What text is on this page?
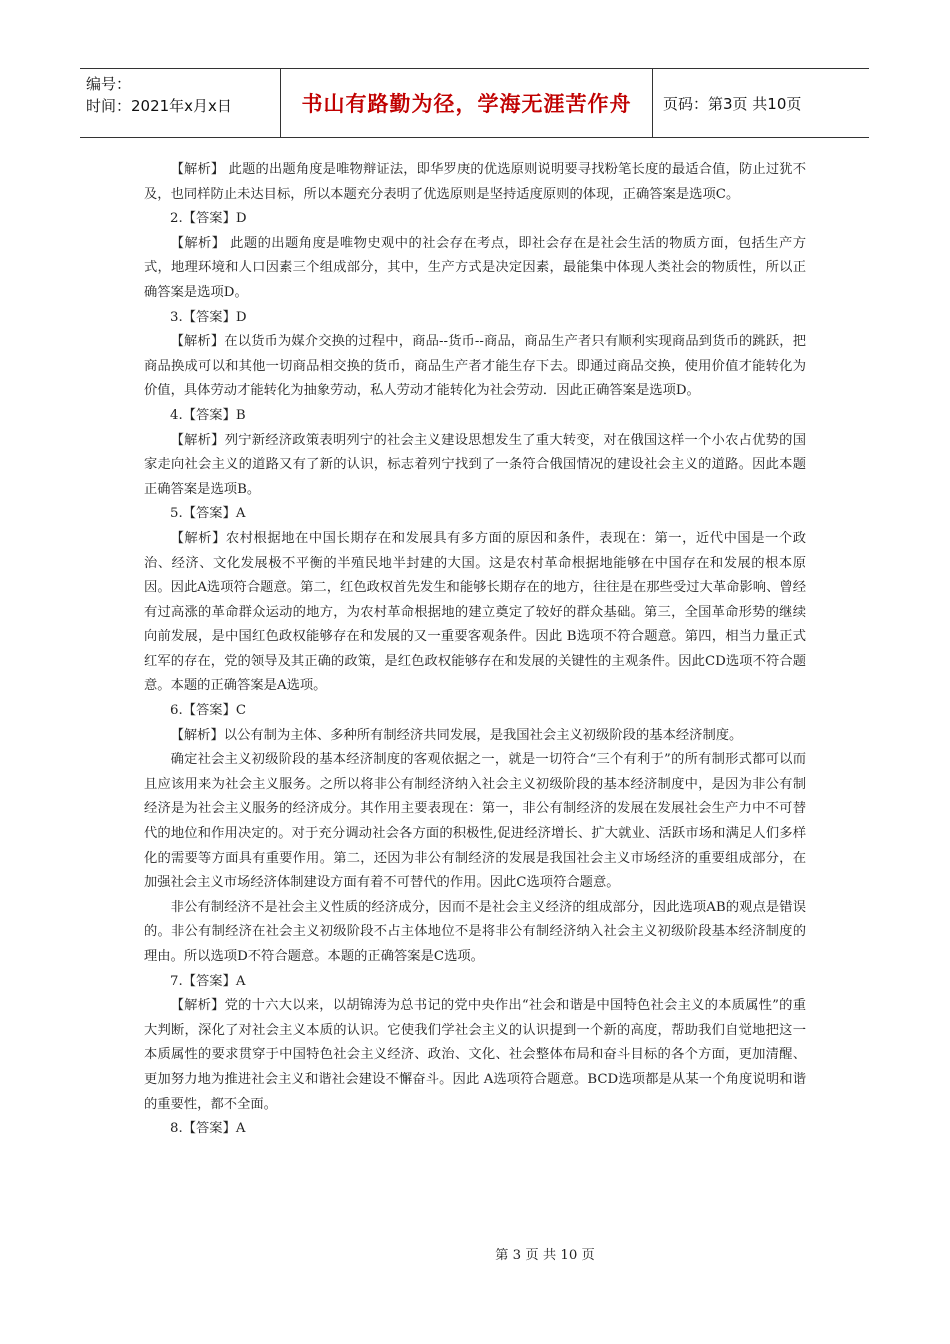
编号：
时间：2021年x月x日	书山有路勤为径，学海无涯苦作舟	页码：第3页 共10页

【解析】 此题的出题角度是唯物辩证法，即华罗庚的优选原则说明要寻找粉笔长度的最适合值，防止过犹不及，也同样防止未达目标，所以本题充分表明了优选原则是坚持适度原则的体现，正确答案是选项C。

2.【答案】D

【解析】 此题的出题角度是唯物史观中的社会存在考点，即社会存在是社会生活的物质方面，包括生产方式，地理环境和人口因素三个组成部分，其中，生产方式是决定因素，最能集中体现人类社会的物质性，所以正确答案是选项D。

3.【答案】D

【解析】在以货币为媒介交换的过程中，商品--货币--商品，商品生产者只有顺利实现商品到货币的跳跃，把商品换成可以和其他一切商品相交换的货币，商品生产者才能生存下去。即通过商品交换，使用价值才能转化为价值，具体劳动才能转化为抽象劳动，私人劳动才能转化为社会劳动．因此正确答案是选项D。

4.【答案】B

【解析】列宁新经济政策表明列宁的社会主义建设思想发生了重大转变，对在俄国这样一个小农占优势的国家走向社会主义的道路又有了新的认识，标志着列宁找到了一条符合俄国情况的建设社会主义的道路。因此本题正确答案是选项B。

5.【答案】A

【解析】农村根据地在中国长期存在和发展具有多方面的原因和条件，表现在：第一，近代中国是一个政治、经济、文化发展极不平衡的半殖民地半封建的大国。这是农村革命根据地能够在中国存在和发展的根本原因。因此A选项符合题意。第二，红色政权首先发生和能够长期存在的地方，往往是在那些受过大革命影响、曾经有过高涨的革命群众运动的地方，为农村革命根据地的建立奠定了较好的群众基础。第三，全国革命形势的继续向前发展，是中国红色政权能够存在和发展的又一重要客观条件。因此 B选项不符合题意。第四，相当力量正式红军的存在，党的领导及其正确的政策，是红色政权能够存在和发展的关键性的主观条件。因此CD选项不符合题意。本题的正确答案是A选项。

6.【答案】C

【解析】以公有制为主体、多种所有制经济共同发展，是我国社会主义初级阶段的基本经济制度。

确定社会主义初级阶段的基本经济制度的客观依据之一，就是一切符合“三个有利于”的所有制形式都可以而且应该用来为社会主义服务。之所以将非公有制经济纳入社会主义初级阶段的基本经济制度中，是因为非公有制经济是为社会主义服务的经济成分。其作用主要表现在：第一，非公有制经济的发展在发展社会生产力中不可替代的地位和作用决定的。对于充分调动社会各方面的积极性,促进经济增长、扩大就业、活跃市场和满足人们多样化的需要等方面具有重要作用。第二，还因为非公有制经济的发展是我国社会主义市场经济的重要组成部分，在加强社会主义市场经济体制建设方面有着不可替代的作用。因此C选项符合题意。

非公有制经济不是社会主义性质的经济成分，因而不是社会主义经济的组成部分，因此选项AB的观点是错误的。非公有制经济在社会主义初级阶段不占主体地位不是将非公有制经济纳入社会主义初级阶段基本经济制度的理由。所以选项D不符合题意。本题的正确答案是C选项。

7.【答案】A

【解析】党的十六大以来，以胡锦涛为总书记的党中央作出“社会和谐是中国特色社会主义的本质属性”的重大判断，深化了对社会主义本质的认识。它使我们学社会主义的认识提到一个新的高度，帮助我们自觉地把这一本质属性的要求贯穿于中国特色社会主义经济、政治、文化、社会整体布局和奋斗目标的各个方面，更加清醒、更加努力地为推进社会主义和谐社会建设不懈奋斗。因此 A选项符合题意。BCD选项都是从某一个角度说明和谐的重要性，都不全面。

8.【答案】A

第 3 页 共 10 页
